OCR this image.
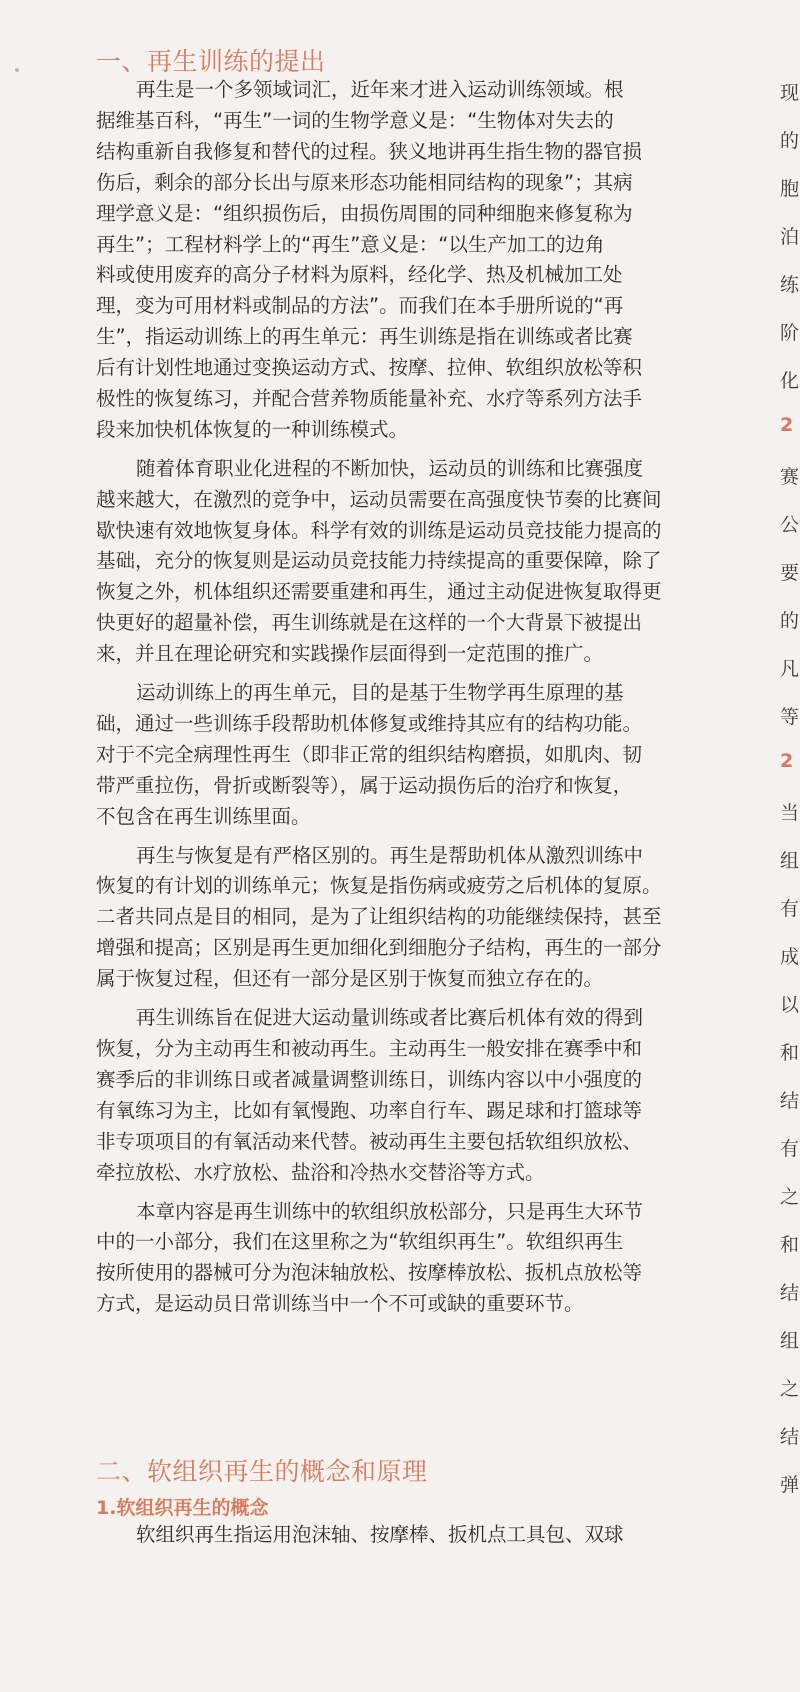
一、再生训练的提出

再生是一个多领域词汇，近年来才进入运动训练领域。根

据维基百科，“再生”一词的生物学意义是：“生物体对失去的

结构重新自我修复和替代的过程。狭义地讲再生指生物的器官损

伤后，剩余的部分长出与原来形态功能相同结构的现象”；其病

理学意义是：“组织损伤后，由损伤周围的同种细胞来修复称为

再生”；工程材料学上的“再生”意义是：“以生产加工的边角

料或使用废弃的高分子材料为原料，经化学、热及机械加工处

理，变为可用材料或制品的方法”。而我们在本手册所说的“再

生”，指运动训练上的再生单元：再生训练是指在训练或者比赛

后有计划性地通过变换运动方式、按摩、拉伸、软组织放松等积

极性的恢复练习，并配合营养物质能量补充、水疗等系列方法手

段来加快机体恢复的一种训练模式。

随着体育职业化进程的不断加快，运动员的训练和比赛强度

越来越大，在激烈的竞争中，运动员需要在高强度快节奏的比赛间

歇快速有效地恢复身体。科学有效的训练是运动员竞技能力提高的

基础，充分的恢复则是运动员竞技能力持续提高的重要保障，除了

恢复之外，机体组织还需要重建和再生，通过主动促进恢复取得更

快更好的超量补偿，再生训练就是在这样的一个大背景下被提出

来，并且在理论研究和实践操作层面得到一定范围的推广。

运动训练上的再生单元，目的是基于生物学再生原理的基

础，通过一些训练手段帮助机体修复或维持其应有的结构功能。

对于不完全病理性再生（即非正常的组织结构磨损，如肌肉、韧

带严重拉伤，骨折或断裂等），属于运动损伤后的治疗和恢复，

不包含在再生训练里面。

再生与恢复是有严格区别的。再生是帮助机体从激烈训练中

恢复的有计划的训练单元；恢复是指伤病或疲劳之后机体的复原。

二者共同点是目的相同，是为了让组织结构的功能继续保持，甚至

增强和提高；区别是再生更加细化到细胞分子结构，再生的一部分

属于恢复过程，但还有一部分是区别于恢复而独立存在的。

再生训练旨在促进大运动量训练或者比赛后机体有效的得到

恢复，分为主动再生和被动再生。主动再生一般安排在赛季中和

赛季后的非训练日或者减量调整训练日，训练内容以中小强度的

有氧练习为主，比如有氧慢跑、功率自行车、踢足球和打篮球等

非专项项目的有氧活动来代替。被动再生主要包括软组织放松、

牵拉放松、水疗放松、盐浴和冷热水交替浴等方式。

本章内容是再生训练中的软组织放松部分，只是再生大环节

中的一小部分，我们在这里称之为“软组织再生”。软组织再生

按所使用的器械可分为泡沫轴放松、按摩棒放松、扳机点放松等

方式，是运动员日常训练当中一个不可或缺的重要环节。

二、软组织再生的概念和原理
1.软组织再生的概念

软组织再生指运用泡沫轴、按摩棒、扳机点工具包、双球

现
的
胞
泊
练
阶
化
2
赛
公
要
的
凡
等
2
当
组
有
成
以
和
结
有
之
和
结
组
之
结
弹
